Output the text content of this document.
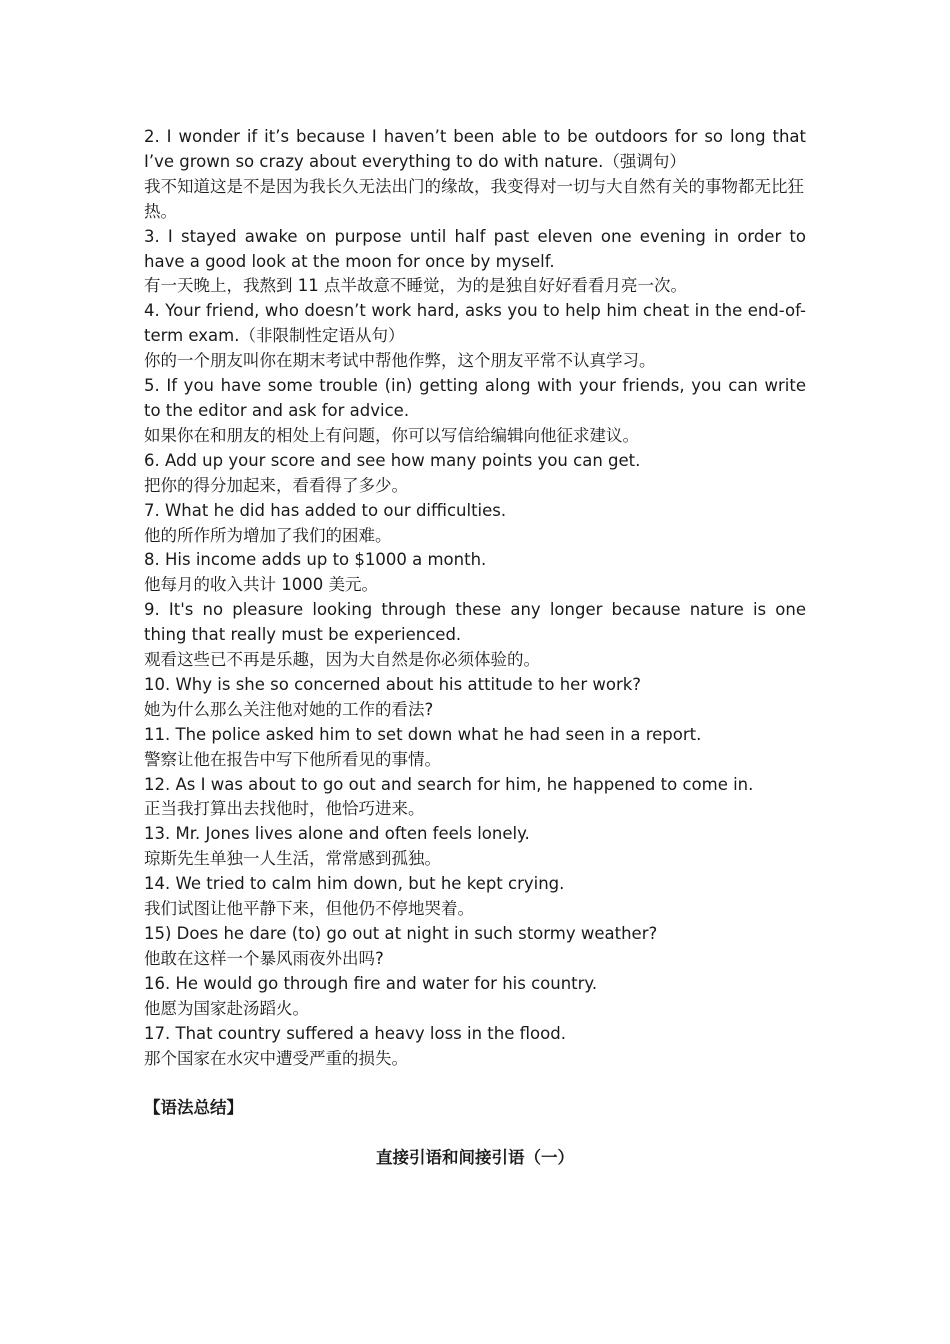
2. I wonder if it’s because I haven’t been able to be outdoors for so long that I’ve grown so crazy about everything to do with nature.（强调句）

我不知道这是不是因为我长久无法出门的缘故，我变得对一切与大自然有关的事物都无比狂热。

3. I stayed awake on purpose until half past eleven one evening in order to have a good look at the moon for once by myself.

有一天晚上，我熬到 11 点半故意不睡觉，为的是独自好好看看月亮一次。

4. Your friend, who doesn’t work hard, asks you to help him cheat in the end-of-term exam.（非限制性定语从句）

你的一个朋友叫你在期末考试中帮他作弊，这个朋友平常不认真学习。

5. If you have some trouble (in) getting along with your friends, you can write to the editor and ask for advice.

如果你在和朋友的相处上有问题，你可以写信给编辑向他征求建议。

6. Add up your score and see how many points you can get.

把你的得分加起来，看看得了多少。

7. What he did has added to our difficulties.

他的所作所为增加了我们的困难。

8. His income adds up to $1000 a month.

他每月的收入共计 1000 美元。

9. It's no pleasure looking through these any longer because nature is one thing that really must be experienced.

观看这些已不再是乐趣，因为大自然是你必须体验的。

10. Why is she so concerned about his attitude to her work?

她为什么那么关注他对她的工作的看法?

11. The police asked him to set down what he had seen in a report.

警察让他在报告中写下他所看见的事情。

12. As I was about to go out and search for him, he happened to come in.

正当我打算出去找他时，他恰巧进来。

13. Mr. Jones lives alone and often feels lonely.

琼斯先生单独一人生活，常常感到孤独。

14. We tried to calm him down, but he kept crying.

我们试图让他平静下来，但他仍不停地哭着。

15) Does he dare (to) go out at night in such stormy weather?

他敢在这样一个暴风雨夜外出吗?

16. He would go through fire and water for his country.

他愿为国家赴汤蹈火。

17. That country suffered a heavy loss in the flood.

那个国家在水灾中遭受严重的损失。

【语法总结】

直接引语和间接引语（一）
